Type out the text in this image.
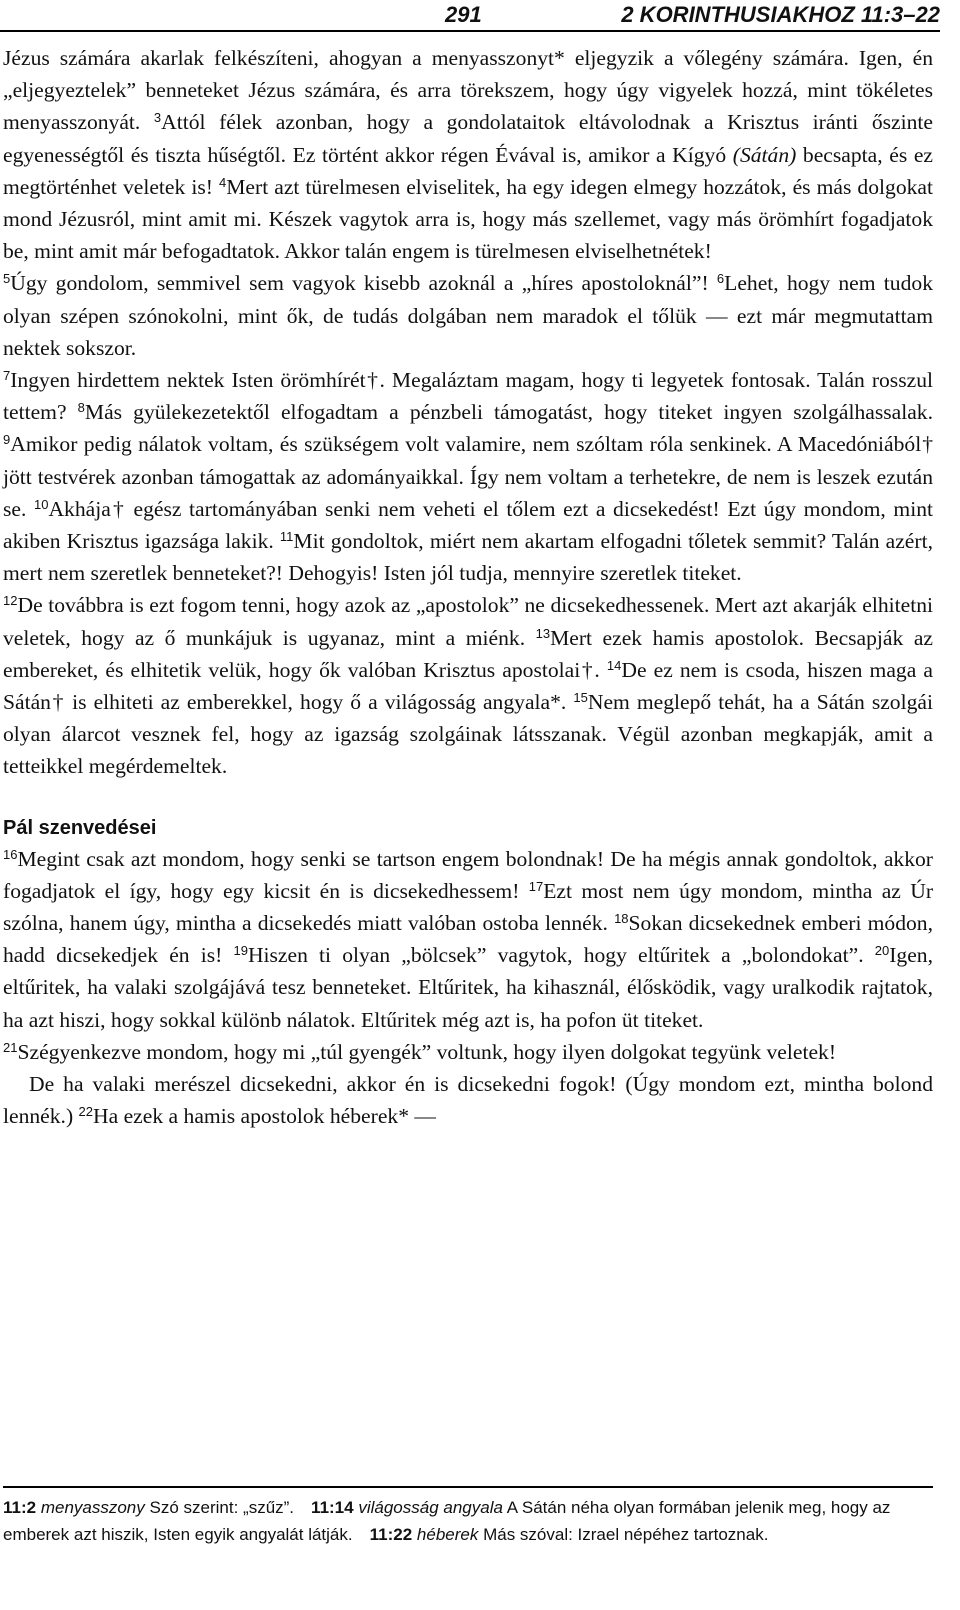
291	2 KORINTHUSIAKHOZ 11:3–22
Jézus számára akarlak felkészíteni, ahogyan a menyasszonyt* eljegyzik a vőlegény számára. Igen, én „eljegyeztelek” benneteket Jézus számára, és arra törekszem, hogy úgy vigyelek hozzá, mint tökéletes menyasszonyát. $^3$Attól félek azonban, hogy a gondolataitok eltávolodnak a Krisztus iránti őszinte egyenességtől és tiszta hűségtől. Ez történt akkor régen Évával is, amikor a Kígyó (Sátán) becsapta, és ez megtörténhet veletek is! $^4$Mert azt türelmesen elviselitek, ha egy idegen elmegy hozzátok, és más dolgokat mond Jézusról, mint amit mi. Készek vagytok arra is, hogy más szellemet, vagy más örömhírt fogadjatok be, mint amit már befogadtatok. Akkor talán engem is türelmesen elviselhetnétek!
$^5$Úgy gondolom, semmivel sem vagyok kisebb azoknál a „híres apostoloknál”! $^6$Lehet, hogy nem tudok olyan szépen szónokolni, mint ők, de tudás dolgában nem maradok el tőlük — ezt már megmutattam nektek sokszor.
$^7$Ingyen hirdettem nektek Isten örömhírét†. Megaláztam magam, hogy ti legyetek fontosak. Talán rosszul tettem? $^8$Más gyülekezetektől elfogadtam a pénzbeli támogatást, hogy titeket ingyen szolgálhassalak. $^9$Amikor pedig nálatok voltam, és szükségem volt valamire, nem szóltam róla senkinek. A Macedóniából† jött testvérek azonban támogattak az adományaikkal. Így nem voltam a terhetekre, de nem is leszek ezután se. $^{10}$Akhája† egész tartományában senki nem veheti el tőlem ezt a dicsekedést! Ezt úgy mondom, mint akiben Krisztus igazsága lakik. $^{11}$Mit gondoltok, miért nem akartam elfogadni tőletek semmit? Talán azért, mert nem szeretlek benneteket?! Dehogyis! Isten jól tudja, mennyire szeretlek titeket.
$^{12}$De továbbra is ezt fogom tenni, hogy azok az „apostolok” ne dicsekedhessenek. Mert azt akarják elhitetni veletek, hogy az ő munkájuk is ugyanaz, mint a miénk. $^{13}$Mert ezek hamis apostolok. Becsapják az embereket, és elhitetik velük, hogy ők valóban Krisztus apostolai†. $^{14}$De ez nem is csoda, hiszen maga a Sátán† is elhiteti az emberekkel, hogy ő a világosság angyala*. $^{15}$Nem meglepő tehát, ha a Sátán szolgái olyan álarcot vesznek fel, hogy az igazság szolgáinak látsszanak. Végül azonban megkapják, amit a tetteikkel megérdemeltek.
Pál szenvedései
$^{16}$Megint csak azt mondom, hogy senki se tartson engem bolondnak! De ha mégis annak gondoltok, akkor fogadjatok el így, hogy egy kicsit én is dicsekedhessem! $^{17}$Ezt most nem úgy mondom, mintha az Úr szólna, hanem úgy, mintha a dicsekedés miatt valóban ostoba lennék. $^{18}$Sokan dicsekednek emberi módon, hadd dicsekedjek én is! $^{19}$Hiszen ti olyan „bölcsek” vagytok, hogy eltűritek a „bolondokat”. $^{20}$Igen, eltűritek, ha valaki szolgájává tesz benneteket. Eltűritek, ha kihasznál, élősködik, vagy uralkodik rajtatok, ha azt hiszi, hogy sokkal különb nálatok. Eltűritek még azt is, ha pofon üt titeket.
$^{21}$Szégyenkezve mondom, hogy mi „túl gyengék” voltunk, hogy ilyen dolgokat tegyünk veletek!
De ha valaki merészel dicsekedni, akkor én is dicsekedni fogok! (Úgy mondom ezt, mintha bolond lennék.) $^{22}$Ha ezek a hamis apostolok héberek* —
11:2 menyasszony Szó szerint: „szűz”.  11:14 világosság angyala A Sátán néha olyan formában jelenik meg, hogy az emberek azt hiszik, Isten egyik angyalát látják.  11:22 héberek Más szóval: Izrael népéhez tartoznak. 
